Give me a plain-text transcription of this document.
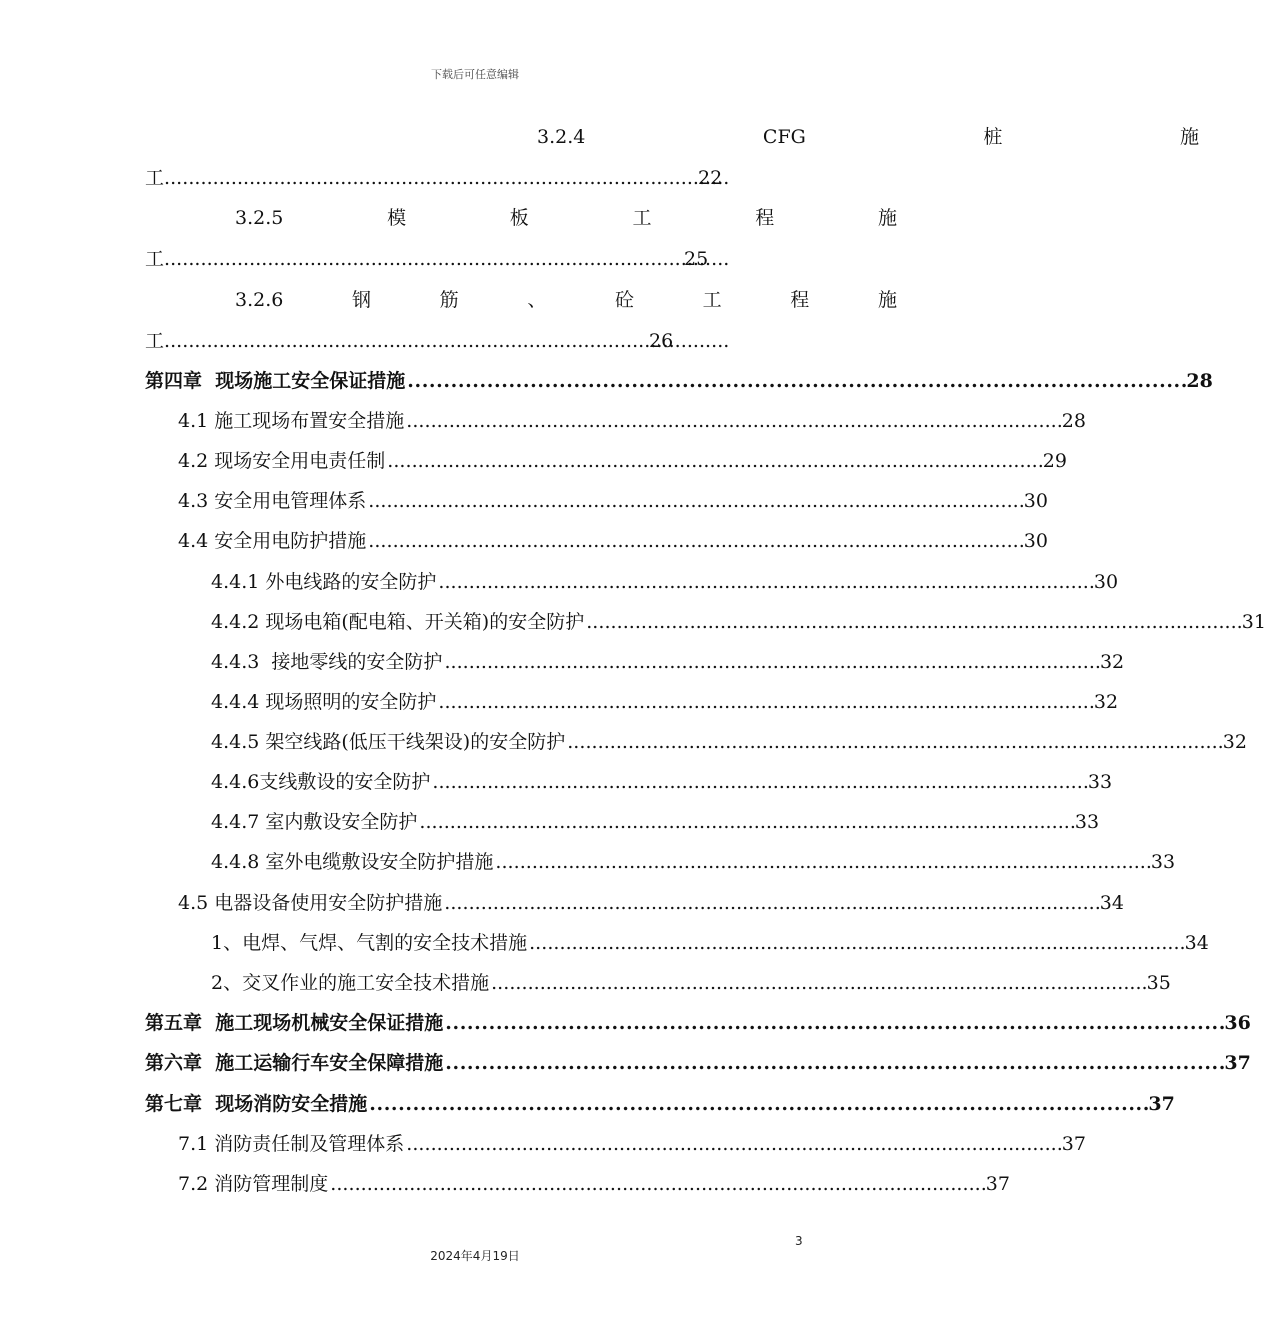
下载后可任意编辑
3.2.4	CFG	桩	施
工 . . .	22
3.2.5	模	板	工	程	施
工 . . .	25
3.2.6	钢	筋	、	砼	工	程	施
工 . . .	26
第四章  现场施工安全保证措施 . . .	28
4.1 施工现场布置安全措施 . . .	28
4.2 现场安全用电责任制 . . .	29
4.3 安全用电管理体系 . . .	30
4.4 安全用电防护措施 . . .	30
4.4.1 外电线路的安全防护 . . .	30
4.4.2 现场电箱(配电箱、开关箱)的安全防护 . . .	31
4.4.3  接地零线的安全防护 . . .	32
4.4.4 现场照明的安全防护 . . .	32
4.4.5 架空线路(低压干线架设)的安全防护 . . .	32
4.4.6支线敷设的安全防护 . . .	33
4.4.7 室内敷设安全防护 . . .	33
4.4.8 室外电缆敷设安全防护措施 . . .	33
4.5 电器设备使用安全防护措施 . . .	34
1、电焊、气焊、气割的安全技术措施 . . .	34
2、交叉作业的施工安全技术措施 . . .	35
第五章  施工现场机械安全保证措施 . . .	36
第六章  施工运输行车安全保障措施 . . .	37
第七章  现场消防安全措施 . . .	37
7.1 消防责任制及管理体系 . . .	37
7.2 消防管理制度 . . .	37
3
2024年4月19日
